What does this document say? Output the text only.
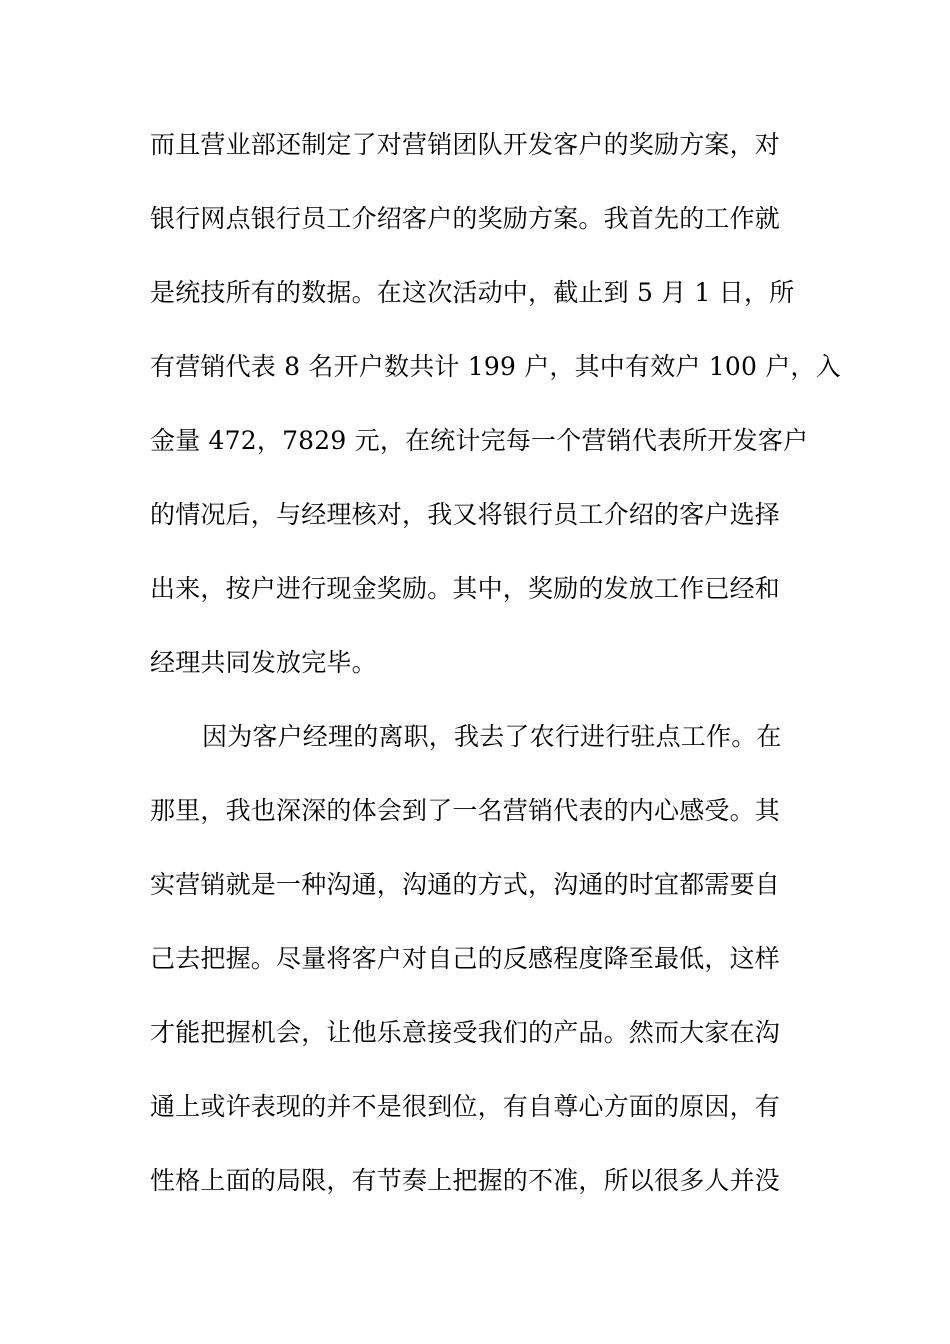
而且营业部还制定了对营销团队开发客户的奖励方案，对
银行网点银行员工介绍客户的奖励方案。我首先的工作就
是统技所有的数据。在这次活动中，截止到 5 月 1 日，所
有营销代表 8 名开户数共计 199 户，其中有效户 100 户，入
金量 472，7829 元，在统计完每一个营销代表所开发客户
的情况后，与经理核对，我又将银行员工介绍的客户选择
出来，按户进行现金奖励。其中，奖励的发放工作已经和
经理共同发放完毕。
因为客户经理的离职，我去了农行进行驻点工作。在
那里，我也深深的体会到了一名营销代表的内心感受。其
实营销就是一种沟通，沟通的方式，沟通的时宜都需要自
己去把握。尽量将客户对自己的反感程度降至最低，这样
才能把握机会，让他乐意接受我们的产品。然而大家在沟
通上或许表现的并不是很到位，有自尊心方面的原因，有
性格上面的局限，有节奏上把握的不准，所以很多人并没
